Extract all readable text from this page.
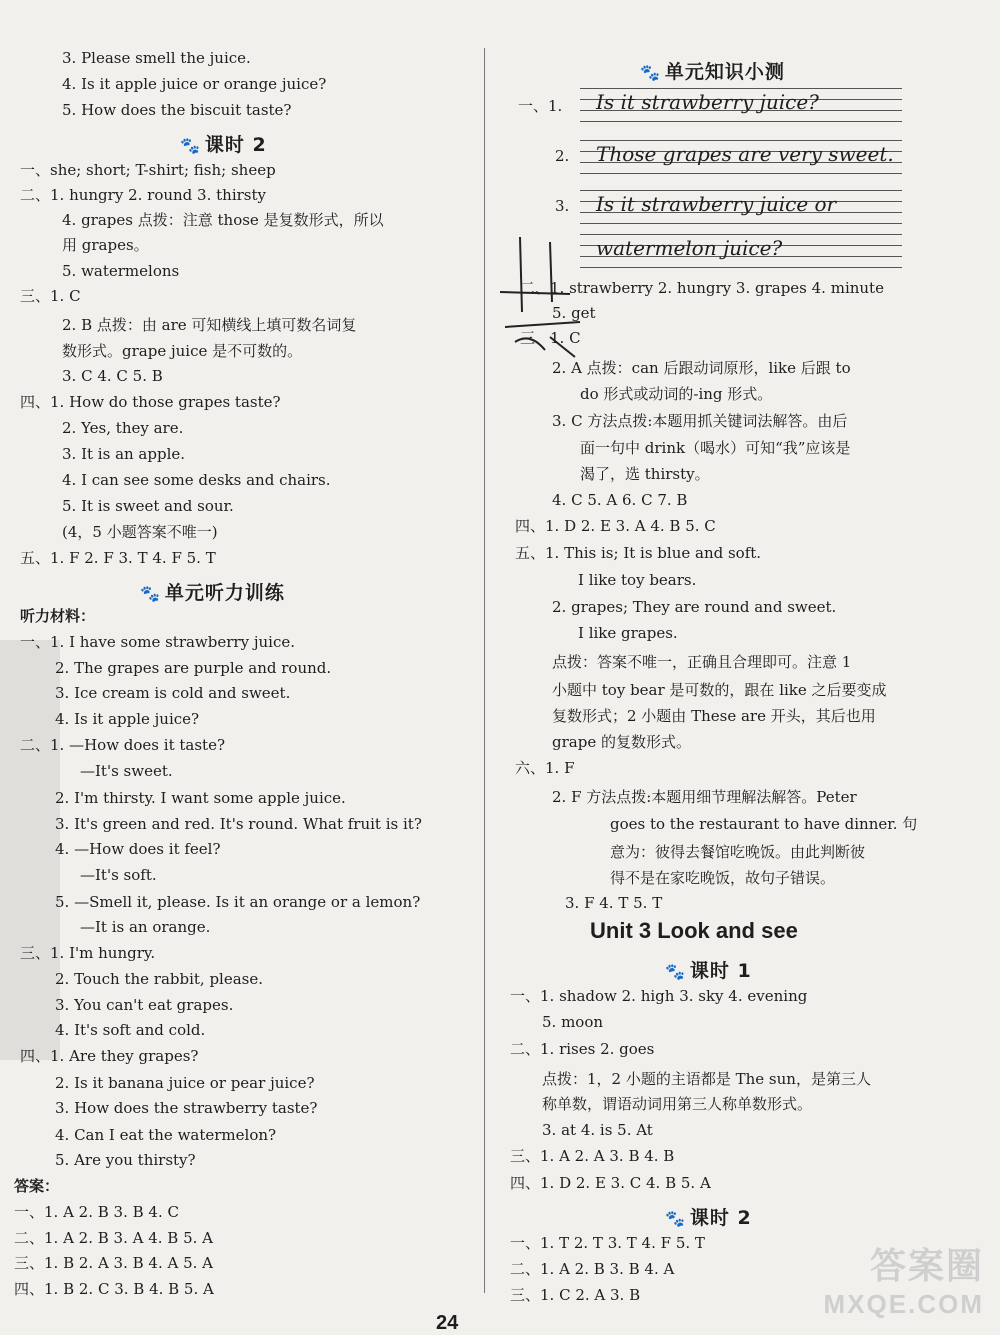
3. Please smell the juice.
4. Is it apple juice or orange juice?
5. How does the biscuit taste?
🐾 课时 2
一、she; short; T-shirt; fish; sheep
二、1. hungry 2. round 3. thirsty
4. grapes 点拨：注意 those 是复数形式，所以
用 grapes。
5. watermelons
三、1. C
2. B 点拨：由 are 可知横线上填可数名词复
数形式。grape juice 是不可数的。
3. C 4. C 5. B
四、1. How do those grapes taste?
2. Yes, they are.
3. It is an apple.
4. I can see some desks and chairs.
5. It is sweet and sour.
(4，5 小题答案不唯一)
五、1. F 2. F 3. T 4. F 5. T
🐾 单元听力训练
听力材料：
一、1. I have some strawberry juice.
2. The grapes are purple and round.
3. Ice cream is cold and sweet.
4. Is it apple juice?
二、1. —How does it taste?
—It's sweet.
2. I'm thirsty. I want some apple juice.
3. It's green and red. It's round. What fruit is it?
4. —How does it feel?
—It's soft.
5. —Smell it, please. Is it an orange or a lemon?
—It is an orange.
三、1. I'm hungry.
2. Touch the rabbit, please.
3. You can't eat grapes.
4. It's soft and cold.
四、1. Are they grapes?
2. Is it banana juice or pear juice?
3. How does the strawberry taste?
4. Can I eat the watermelon?
5. Are you thirsty?
答案：
一、1. A 2. B 3. B 4. C
二、1. A 2. B 3. A 4. B 5. A
三、1. B 2. A 3. B 4. A 5. A
四、1. B 2. C 3. B 4. B 5. A
🐾 单元知识小测
一、1. Is it strawberry juice?
2. Those grapes are very sweet.
3. Is it strawberry juice or
watermelon juice?
二、1. strawberry 2. hungry 3. grapes 4. minute
5. get
三、1. C
2. A 点拨：can 后跟动词原形，like 后跟 to
do 形式或动词的-ing 形式。
3. C 方法点拨:本题用抓关键词法解答。由后
面一句中 drink（喝水）可知“我”应该是
渴了，选 thirsty。
4. C 5. A 6. C 7. B
四、1. D 2. E 3. A 4. B 5. C
五、1. This is; It is blue and soft.
I like toy bears.
2. grapes; They are round and sweet.
I like grapes.
点拨：答案不唯一，正确且合理即可。注意 1
小题中 toy bear 是可数的，跟在 like 之后要变成
复数形式；2 小题由 These are 开头，其后也用
grape 的复数形式。
六、1. F
2. F 方法点拨:本题用细节理解法解答。Peter
goes to the restaurant to have dinner. 句
意为：彼得去餐馆吃晚饭。由此判断彼
得不是在家吃晚饭，故句子错误。
3. F 4. T 5. T
Unit 3 Look and see
🐾 课时 1
一、1. shadow 2. high 3. sky 4. evening
5. moon
二、1. rises 2. goes
点拨：1，2 小题的主语都是 The sun，是第三人
称单数，谓语动词用第三人称单数形式。
3. at 4. is 5. At
三、1. A 2. A 3. B 4. B
四、1. D 2. E 3. C 4. B 5. A
🐾 课时 2
一、1. T 2. T 3. T 4. F 5. T
二、1. A 2. B 3. B 4. A
三、1. C 2. A 3. B
24
答案圈
MXQE.COM
